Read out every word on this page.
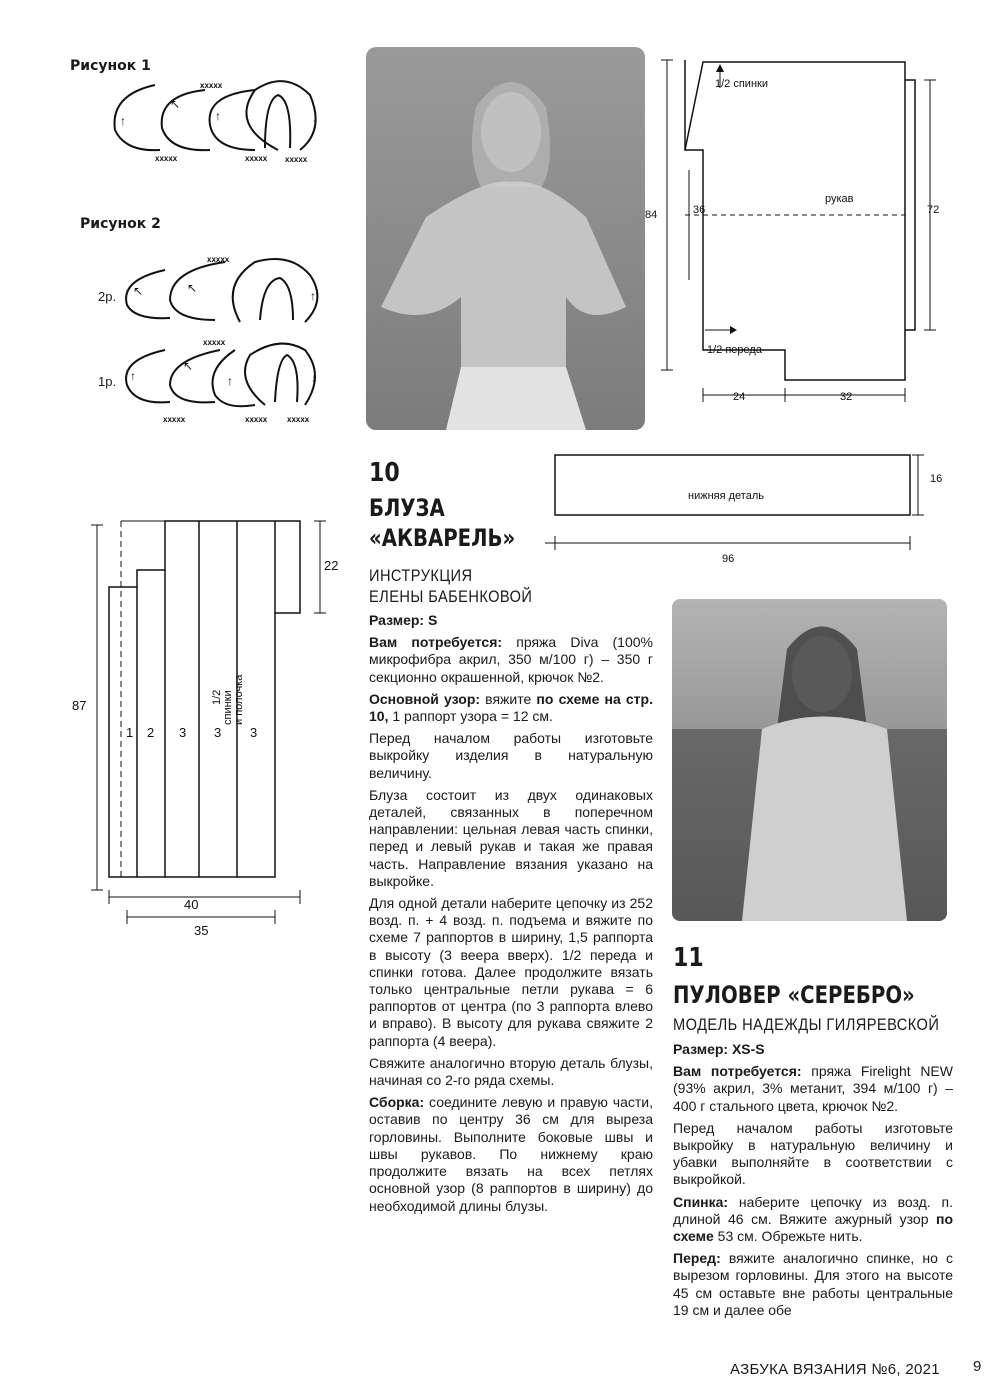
Рисунок 1
xxxxx
xxxxx
xxxxx xxxxx
↑
↖
↑	↓
Рисунок 2
2р.
1р.
xxxxx
xxxxx
xxxxx	xxxxx xxxxx
↖	↖
↑
↑
↖
↑	↓
1/2 спинки
рукав
1/2 переда
36
84	72
24	32
нижняя деталь
16
96
87
22
40
35
1 2 3 3 3
1/2 спинки и полочка
10
БЛУЗА
«АКВАРЕЛЬ»
ИНСТРУКЦИЯ
ЕЛЕНЫ БАБЕНКОВОЙ

Размер: S

Вам потребуется: пряжа Diva (100% микрофибра акрил, 350 м/100 г) – 350 г секционно окрашенной, крючок №2.

Основной узор: вяжите по схеме на стр. 10, 1 раппорт узора = 12 см.

Перед началом работы изготовьте выкройку изделия в натуральную величину.

Блуза состоит из двух одинаковых деталей, связанных в поперечном направлении: цельная левая часть спинки, перед и левый рукав и такая же правая часть. Направление вязания указано на выкройке.

Для одной детали наберите цепочку из 252 возд. п. + 4 возд. п. подъема и вяжите по схеме 7 раппортов в ширину, 1,5 раппорта в высоту (3 веера вверх). 1/2 переда и спинки готова. Далее продолжите вязать только центральные петли рукава = 6 раппортов от центра (по 3 раппорта влево и вправо). В высоту для рукава свяжите 2 раппорта (4 веера).

Свяжите аналогично вторую деталь блузы, начиная со 2-го ряда схемы.

Сборка: соедините левую и правую части, оставив по центру 36 см для выреза горловины. Выполните боковые швы и швы рукавов. По нижнему краю продолжите вязать на всех петлях основной узор (8 раппортов в ширину) до необходимой длины блузы.

11
ПУЛОВЕР «СЕРЕБРО»
МОДЕЛЬ НАДЕЖДЫ ГИЛЯРЕВСКОЙ

Размер: XS-S

Вам потребуется: пряжа Firelight NEW (93% акрил, 3% метанит, 394 м/100 г) – 400 г стального цвета, крючок №2.

Перед началом работы изготовьте выкройку в натуральную величину и убавки выполняйте в соответствии с выкройкой.

Спинка: наберите цепочку из возд. п. длиной 46 см. Вяжите ажурный узор по схеме 53 см. Обрежьте нить.

Перед: вяжите аналогично спинке, но с вырезом горловины. Для этого на высоте 45 см оставьте вне работы центральные 19 см и далее обе

АЗБУКА ВЯЗАНИЯ №6, 2021 9
